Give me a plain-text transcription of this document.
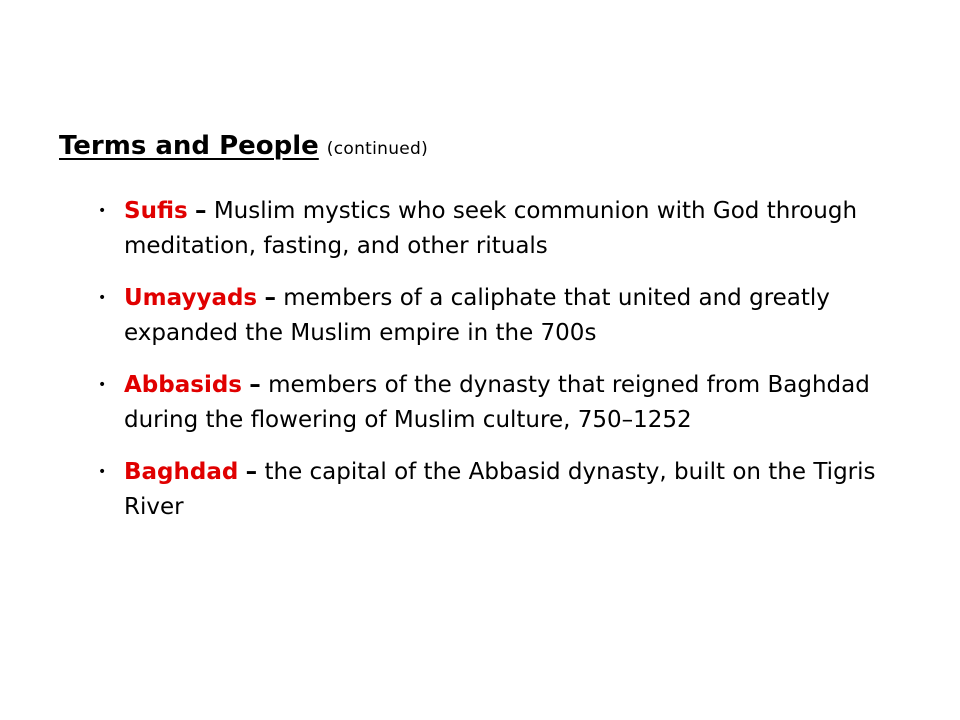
Terms and People (continued)
• Sufis – Muslim mystics who seek communion with God through meditation, fasting, and other rituals
• Umayyads – members of a caliphate that united and greatly expanded the Muslim empire in the 700s
• Abbasids – members of the dynasty that reigned from Baghdad during the flowering of Muslim culture, 750–1252
• Baghdad – the capital of the Abbasid dynasty, built on the Tigris River
